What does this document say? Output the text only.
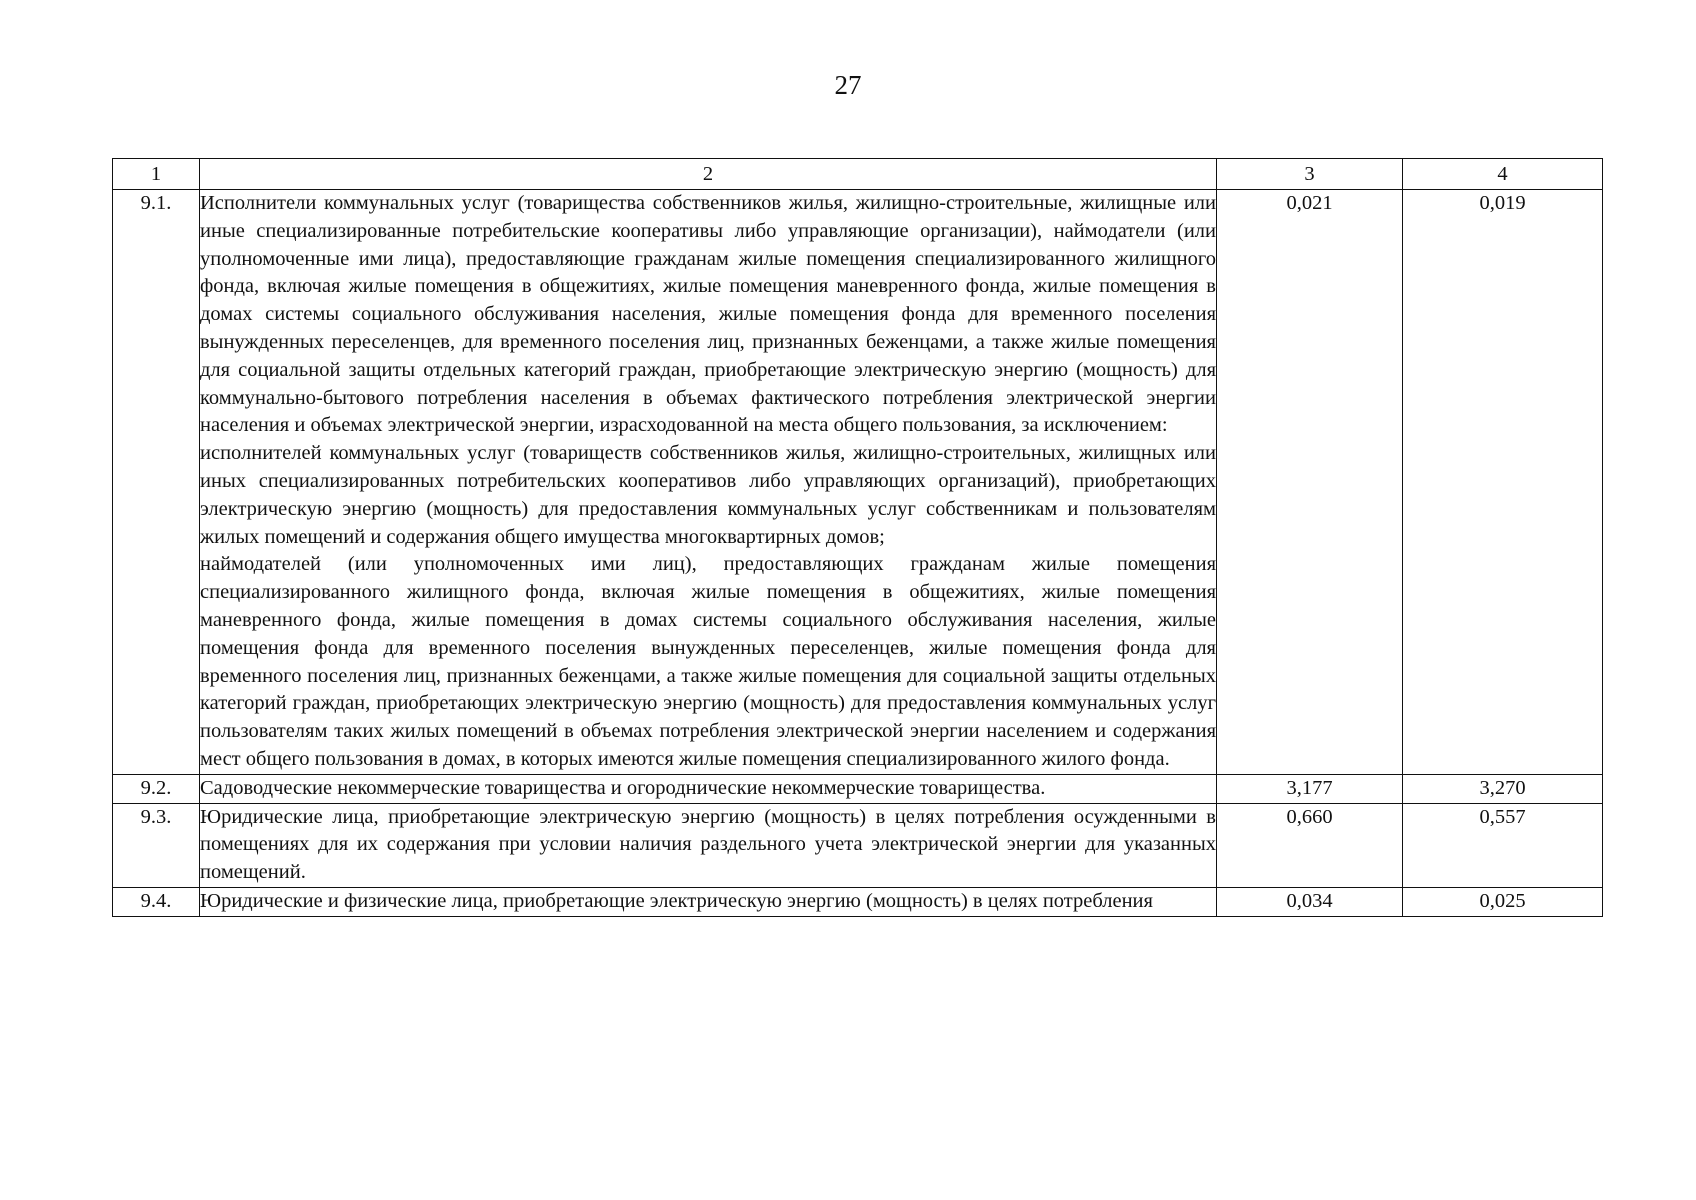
27
1	2	3	4
9.1.	Исполнители коммунальных услуг (товарищества собственников жилья, жилищно-строительные, жилищные или иные специализированные потребительские кооперативы либо управляющие организации), наймодатели (или уполномоченные ими лица), предоставляющие гражданам жилые помещения специализированного жилищного фонда, включая жилые помещения в общежитиях, жилые помещения маневренного фонда, жилые помещения в домах системы социального обслуживания населения, жилые помещения фонда для временного поселения вынужденных переселенцев, для временного поселения лиц, признанных беженцами, а также жилые помещения для социальной защиты отдельных категорий граждан, приобретающие электрическую энергию (мощность) для коммунально-бытового потребления населения в объемах фактического потребления электрической энергии населения и объемах электрической энергии, израсходованной на места общего пользования, за исключением:
исполнителей коммунальных услуг (товариществ собственников жилья, жилищно-строительных, жилищных или иных специализированных потребительских кооперативов либо управляющих организаций), приобретающих электрическую энергию (мощность) для предоставления коммунальных услуг собственникам и пользователям жилых помещений и содержания общего имущества многоквартирных домов;
наймодателей (или уполномоченных ими лиц), предоставляющих гражданам жилые помещения специализированного жилищного фонда, включая жилые помещения в общежитиях, жилые помещения маневренного фонда, жилые помещения в домах системы социального обслуживания населения, жилые помещения фонда для временного поселения вынужденных переселенцев, жилые помещения фонда для временного поселения лиц, признанных беженцами, а также жилые помещения для социальной защиты отдельных категорий граждан, приобретающих электрическую энергию (мощность) для предоставления коммунальных услуг пользователям таких жилых помещений в объемах потребления электрической энергии населением и содержания мест общего пользования в домах, в которых имеются жилые помещения специализированного жилого фонда.	0,021	0,019
9.2.	Садоводческие некоммерческие товарищества и огороднические некоммерческие товарищества.	3,177	3,270
9.3.	Юридические лица, приобретающие электрическую энергию (мощность) в целях потребления осужденными в помещениях для их содержания при условии наличия раздельного учета электрической энергии для указанных помещений.	0,660	0,557
9.4.	Юридические и физические лица, приобретающие электрическую энергию (мощность) в целях потребления	0,034	0,025
